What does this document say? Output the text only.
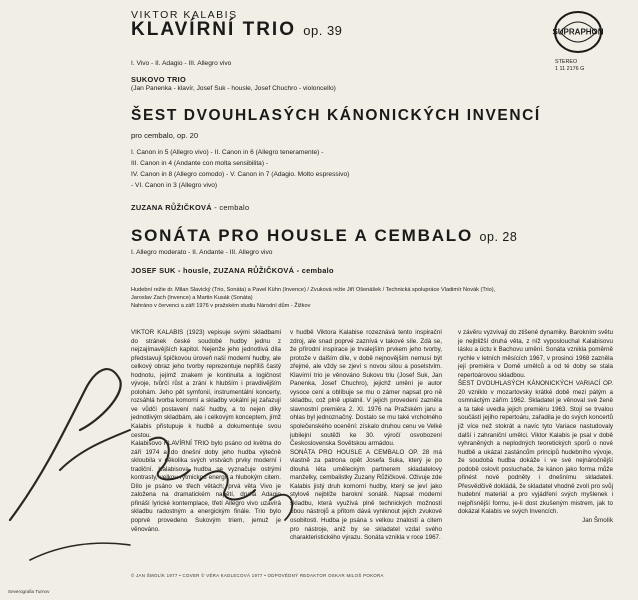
VIKTOR KALABIS
KLAVÍRNÍ TRIO op. 39
I. Vivo - II. Adagio - III. Allegro vivo
SUKOVO TRIO
(Jan Panenka - klavír, Josef Suk - housle, Josef Chuchro - violoncello)
ŠEST DVOUHLASÝCH KÁNONICKÝCH INVENCÍ
pro cembalo, op. 20
I. Canon in 5 (Allegro vivo) - II. Canon in 6 (Allegro teneramente) -
III. Canon in 4 (Andante con molta sensibilita) -
IV. Canon in 8 (Allegro comodo) - V. Canon in 7 (Adagio. Molto espressivo)
- VI. Canon in 3 (Allegro vivo)
ZUZANA RŮŽIČKOVÁ - cembalo
SONÁTA PRO HOUSLE A CEMBALO op. 28
I. Allegro moderato - II. Andante - III. Allegro vivo
JOSEF SUK - housle, ZUZANA RŮŽIČKOVÁ - cembalo
Hudební režie dr. Milan Slavický (Trio, Sonáta) a Pavel Kühn (Invence) / Zvuková režie Jiří Ošenášek / Technická spolupráce Vladimír Novák (Trio),
Jaroslav Zach (Invence) a Martin Kusák (Sonáta)
Nahráno v červenci a září 1976 v pražském studiu Národní dům - Žižkov
SUPRAPHON
STEREO
1 11 2176 G

VIKTOR KALABIS (1923) vepisuje svými skladbami do stránek české soudobé hudby jednu z nejzajímavějších kapitol. Nejenže jeho jednotlivá díla představují špičkovou úroveň naší moderní hudby, ale celkový obraz jeho tvorby reprezentuje nepříliš častý hodnotu, jejímž znakem je kontinuita a logičnost vývoje, tvůrčí růst a zrání k hlubším i pravdivějším polohám. Jeho pět symfonií, instrumentální koncerty, rozsáhlá tvorba komorní a skladby vokální jej zařazují ve vůdčí postavení naší hudby, a to nejen díky jednotlivým skladbám, ale i celkovým konceptem, jímž Kalabis přistupuje k hudbě a dokumentuje svou cestou.

Kalabisovo KLAVÍRNÍ TRIO bylo psáno od května do září 1974 a do dnešní doby jeho hudba výtečně skloubila v několika svých vrstvách prvky moderní i tradiční. Kalabisova hudba se vyznačuje ostrými kontrasty, velkou rytmickou energií a hlubokým citem. Dílo je psáno ve třech větách; prvá věta Vivo je založena na dramatickém napětí, druhá Adagio přináší lyrické kontemplace, třetí Allegro vivo uzavírá skladbu radostným a energickým finále. Trio bylo poprvé provedeno Sukovým triem, jemuž je věnováno.

v hudbě Viktora Kalabise rozeznává tento inspirační zdroj, ale snad poprvé zaznívá v takové síle. Zdá se, že přírodní inspirace je trvalejším prvkem jeho tvorby, protože v dalším díle, v době nejnovějším nemusí být zřejmé, ale vždy se zjeví s novou silou a poselstvím. Klavírní trio je věnováno Sukovu triu (Josef Suk, Jan Panenka, Josef Chuchro), jejichž umění je autor vysoce cení a oblíbuje se mu o zámer napsat pro ně skladbu, což plně uplatnil. V jejich provedení zazněla slavnostní premiéra 2. XI. 1976 na Pražském jaru a ohlas byl jednoznačný. Dostalo se mu také vrcholného společenského ocenění: získalo druhou cenu ve Velké jubilejní soutěži ke 30. výročí osvobození Československa Sovětskou armádou.

SONÁTA PRO HOUSLE A CEMBALO OP. 28 má vlastně za patrona opět Josefa Suka, který je po dlouhá léta uměleckým partnerem skladatelovy manželky, cembalistky Zuzany Růžičkové. Oživuje zde Kalabis jistý druh komorní hudby, který se jeví jako stylově nejblíže barokní sonátě. Napsal moderní skladbu, která využívá plně technických možností obou nástrojů a přitom dává vyniknout jejich zvukové osobitosti. Hudba je psána s velkou znalostí a citem pro nástroje, aniž by se skladatel vzdal svého charakteristického výrazu. Sonáta vznikla v roce 1967.

v závěru vyzvívají do ztišené dynamiky. Barokním světu je nejbližší druhá věta, z níž vyposlouchal Kalabisovu lásku a úctu k Bachovu umění. Sonáta vznikla poměrně rychle v letních měsících 1967, v prosinci 1968 zazněla její premiéra v Domě umělců a od té doby se stala repertoárovou skladbou.

ŠEST DVOUHLASÝCH KÁNONICKÝCH VARIACÍ OP. 20 vzniklo v mozartovsky krátké době mezi pátým a osmnáctým zářím 1962. Skladatel je věnoval své ženě a ta také uvedla jejich premiéru 1963. Stojí se trvalou součástí jejího repertoáru, zařadila je do svých koncertů již více než stokrát a navíc tyto Variace nastudovaly další i zahraniční umělci. Viktor Kalabis je psal v době vyhraněných a neplodných teoretických sporů o nové hudbě a ukázal zastáncům principů hudebního vývoje, že soudobá hudba dokáže i ve své nejnáročnější podobě oslovit posluchače, že kánon jako forma může přinést nové podněty i dnešnímu skladateli. Přesvědčivě dokládá, že skladatel vhodně zvolí pro svůj hudební materiál a pro vyjádření svých myšlenek i nejpřísnější formu, je-li dost zkušeným mistrem, jak to dokázal Kalabis ve svých Invencích.

Jan Šmolík

© JAN ŠMOLÍK 1977 • COVER © VĚRA KADLECOVÁ 1977 • ODPOVĚDNÝ REDAKTOR OSKAR MILOŠ POKORA
Severografia Turnov
